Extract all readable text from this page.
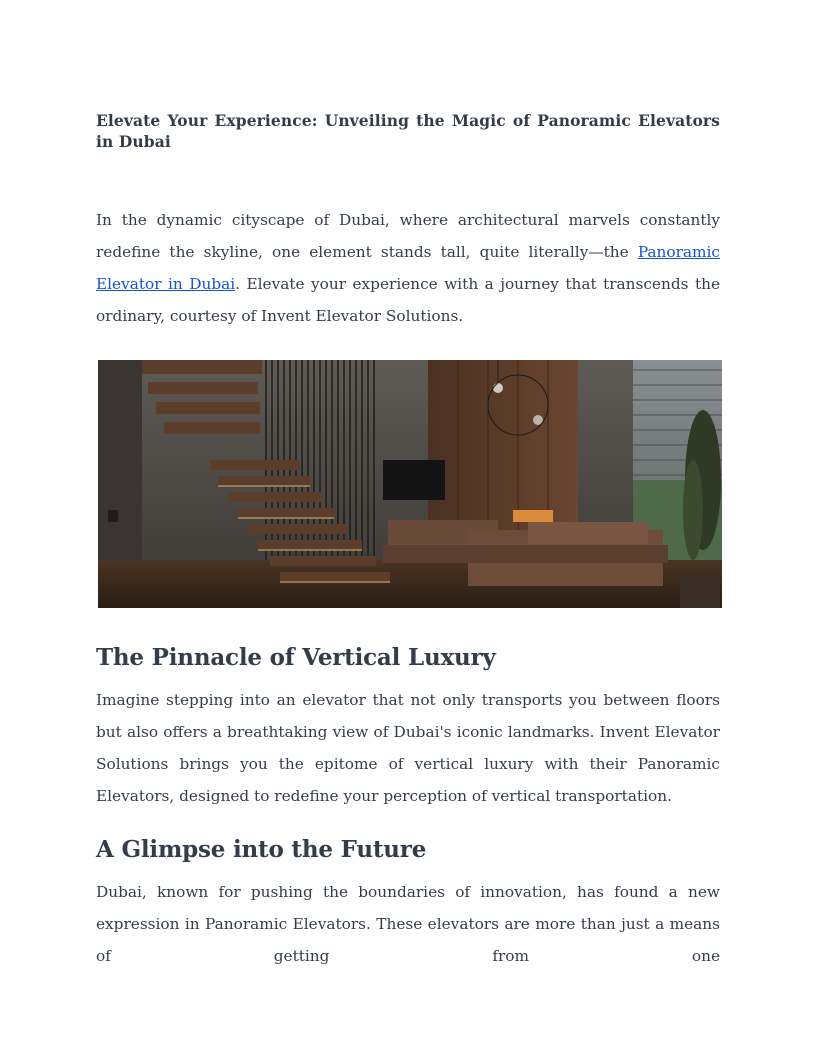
Elevate Your Experience: Unveiling the Magic of Panoramic Elevators in Dubai

In the dynamic cityscape of Dubai, where architectural marvels constantly redefine the skyline, one element stands tall, quite literally—the Panoramic Elevator in Dubai. Elevate your experience with a journey that transcends the ordinary, courtesy of Invent Elevator Solutions.

The Pinnacle of Vertical Luxury

Imagine stepping into an elevator that not only transports you between floors but also offers a breathtaking view of Dubai's iconic landmarks. Invent Elevator Solutions brings you the epitome of vertical luxury with their Panoramic Elevators, designed to redefine your perception of vertical transportation.

A Glimpse into the Future

Dubai, known for pushing the boundaries of innovation, has found a new expression in Panoramic Elevators. These elevators are more than just a means of getting from one
